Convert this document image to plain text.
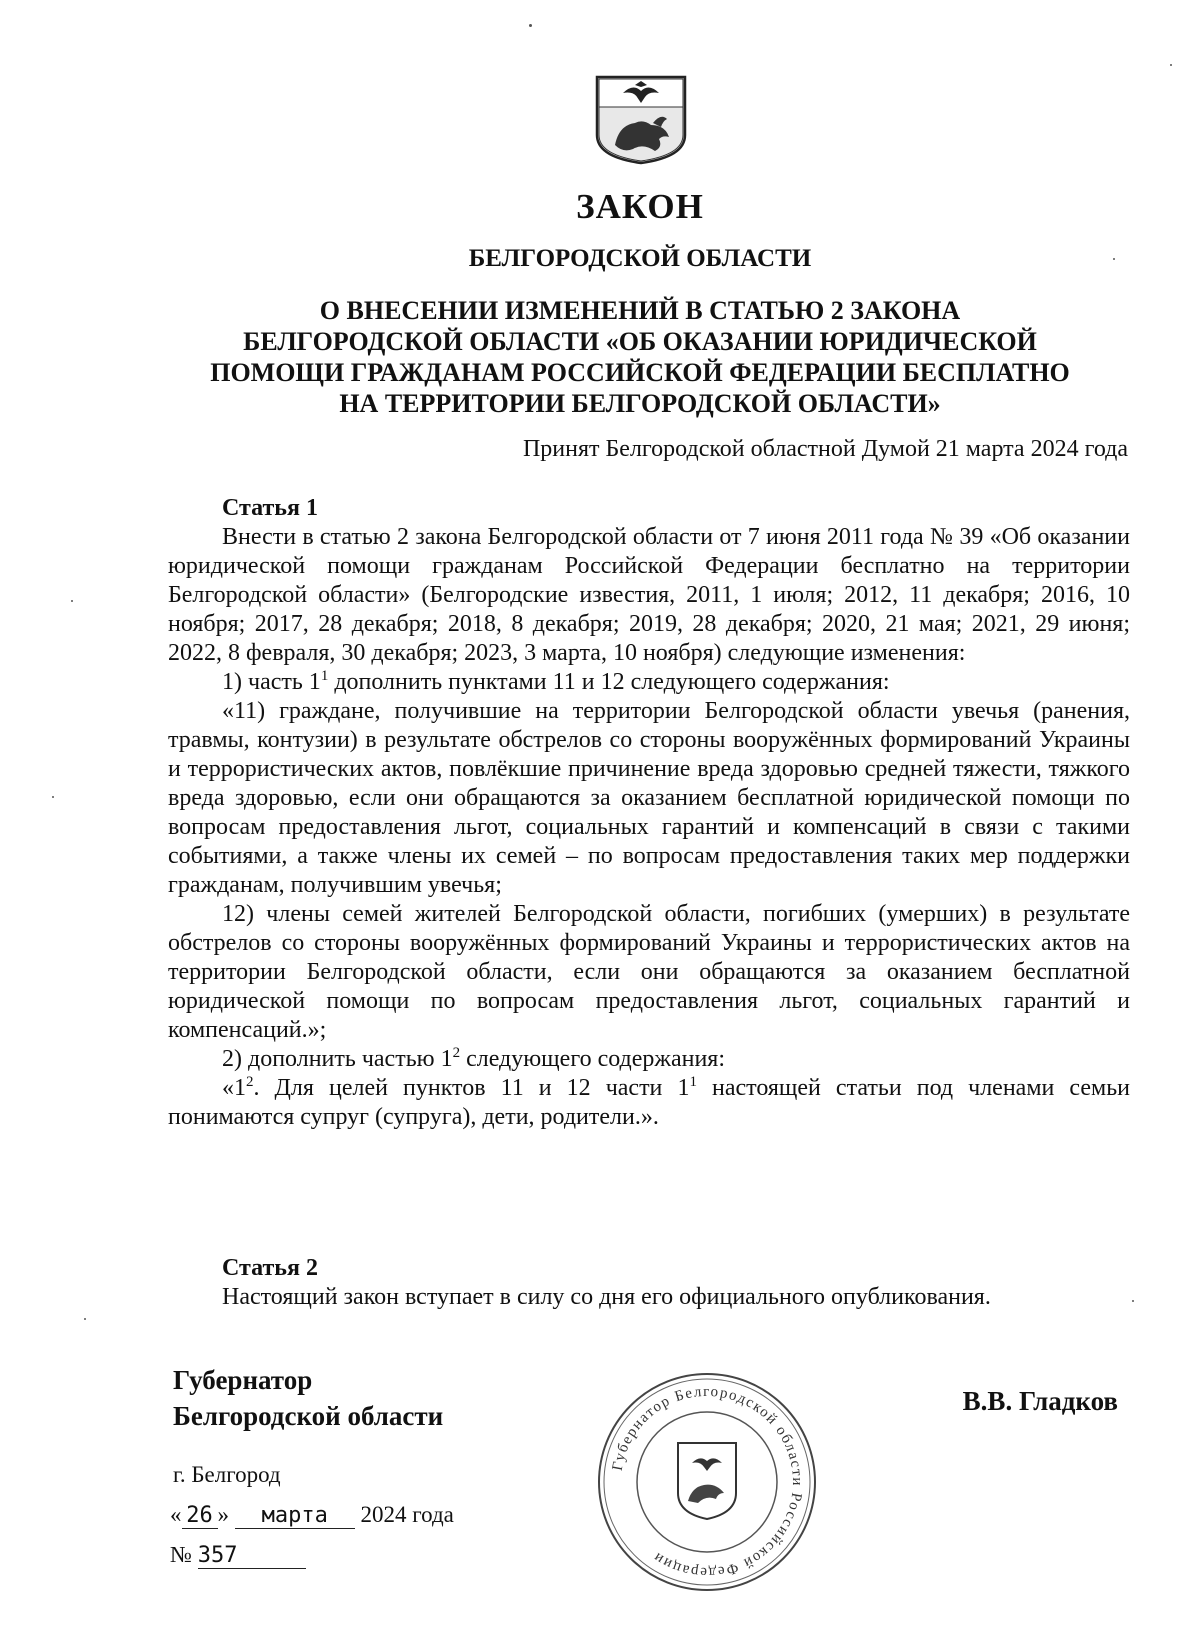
ЗАКОН
БЕЛГОРОДСКОЙ ОБЛАСТИ
О ВНЕСЕНИИ ИЗМЕНЕНИЙ В СТАТЬЮ 2 ЗАКОНА
БЕЛГОРОДСКОЙ ОБЛАСТИ «ОБ ОКАЗАНИИ ЮРИДИЧЕСКОЙ
ПОМОЩИ ГРАЖДАНАМ РОССИЙСКОЙ ФЕДЕРАЦИИ БЕСПЛАТНО
НА ТЕРРИТОРИИ БЕЛГОРОДСКОЙ ОБЛАСТИ»
Принят Белгородской областной Думой 21 марта 2024 года
Статья 1

Внести в статью 2 закона Белгородской области от 7 июня 2011 года № 39 «Об оказании юридической помощи гражданам Российской Федерации бесплатно на территории Белгородской области» (Белгородские известия, 2011, 1 июля; 2012, 11 декабря; 2016, 10 ноября; 2017, 28 декабря; 2018, 8 декабря; 2019, 28 декабря; 2020, 21 мая; 2021, 29 июня; 2022, 8 февраля, 30 декабря; 2023, 3 марта, 10 ноября) следующие изменения:

1) часть $1^1$ дополнить пунктами 11 и 12 следующего содержания:

«11) граждане, получившие на территории Белгородской области увечья (ранения, травмы, контузии) в результате обстрелов со стороны вооружённых формирований Украины и террористических актов, повлёкшие причинение вреда здоровью средней тяжести, тяжкого вреда здоровью, если они обращаются за оказанием бесплатной юридической помощи по вопросам предоставления льгот, социальных гарантий и компенсаций в связи с такими событиями, а также члены их семей – по вопросам предоставления таких мер поддержки гражданам, получившим увечья;

12) члены семей жителей Белгородской области, погибших (умерших) в результате обстрелов со стороны вооружённых формирований Украины и террористических актов на территории Белгородской области, если они обращаются за оказанием бесплатной юридической помощи по вопросам предоставления льгот, социальных гарантий и компенсаций.»;

2) дополнить частью $1^2$ следующего содержания:

«$1^2$. Для целей пунктов 11 и 12 части $1^1$ настоящей статьи под членами семьи понимаются супруг (супруга), дети, родители.».

Статья 2

Настоящий закон вступает в силу со дня его официального опубликования.

Губернатор
Белгородской области	В.В. Гладков
г. Белгород
« 26 » марта 2024 года
№ 357
Губернатор Белгородской области Российской Федерации
